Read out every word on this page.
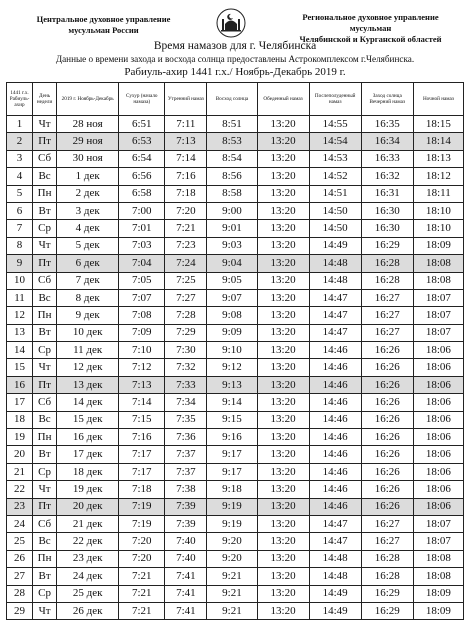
Центральное духовное управление
мусульман России
Региональное духовное управление
мусульман
Челябинской и Курганской областей
Время намазов для г. Челябинска
Данные о времени захода и восхода солнца предоставлены Астрокомплексом г.Челябинска.
Рабиуль-ахир 1441 г.х./ Ноябрь-Декабрь 2019 г.
1441 г.х. Рабиуль-ахир	День недели	2019 г. Ноябрь-Декабрь	Сухур (начало намаза)	Утренний намаз	Восход солнца	Обеденный намаз	Послеполуденный намаз	Заход солнца Вечерний намаз	Ночной намаз
1	Чт	28 ноя	6:51	7:11	8:51	13:20	14:55	16:35	18:15
2	Пт	29 ноя	6:53	7:13	8:53	13:20	14:54	16:34	18:14
3	Сб	30 ноя	6:54	7:14	8:54	13:20	14:53	16:33	18:13
4	Вс	1 дек	6:56	7:16	8:56	13:20	14:52	16:32	18:12
5	Пн	2 дек	6:58	7:18	8:58	13:20	14:51	16:31	18:11
6	Вт	3 дек	7:00	7:20	9:00	13:20	14:50	16:30	18:10
7	Ср	4 дек	7:01	7:21	9:01	13:20	14:50	16:30	18:10
8	Чт	5 дек	7:03	7:23	9:03	13:20	14:49	16:29	18:09
9	Пт	6 дек	7:04	7:24	9:04	13:20	14:48	16:28	18:08
10	Сб	7 дек	7:05	7:25	9:05	13:20	14:48	16:28	18:08
11	Вс	8 дек	7:07	7:27	9:07	13:20	14:47	16:27	18:07
12	Пн	9 дек	7:08	7:28	9:08	13:20	14:47	16:27	18:07
13	Вт	10 дек	7:09	7:29	9:09	13:20	14:47	16:27	18:07
14	Ср	11 дек	7:10	7:30	9:10	13:20	14:46	16:26	18:06
15	Чт	12 дек	7:12	7:32	9:12	13:20	14:46	16:26	18:06
16	Пт	13 дек	7:13	7:33	9:13	13:20	14:46	16:26	18:06
17	Сб	14 дек	7:14	7:34	9:14	13:20	14:46	16:26	18:06
18	Вс	15 дек	7:15	7:35	9:15	13:20	14:46	16:26	18:06
19	Пн	16 дек	7:16	7:36	9:16	13:20	14:46	16:26	18:06
20	Вт	17 дек	7:17	7:37	9:17	13:20	14:46	16:26	18:06
21	Ср	18 дек	7:17	7:37	9:17	13:20	14:46	16:26	18:06
22	Чт	19 дек	7:18	7:38	9:18	13:20	14:46	16:26	18:06
23	Пт	20 дек	7:19	7:39	9:19	13:20	14:46	16:26	18:06
24	Сб	21 дек	7:19	7:39	9:19	13:20	14:47	16:27	18:07
25	Вс	22 дек	7:20	7:40	9:20	13:20	14:47	16:27	18:07
26	Пн	23 дек	7:20	7:40	9:20	13:20	14:48	16:28	18:08
27	Вт	24 дек	7:21	7:41	9:21	13:20	14:48	16:28	18:08
28	Ср	25 дек	7:21	7:41	9:21	13:20	14:49	16:29	18:09
29	Чт	26 дек	7:21	7:41	9:21	13:20	14:49	16:29	18:09
